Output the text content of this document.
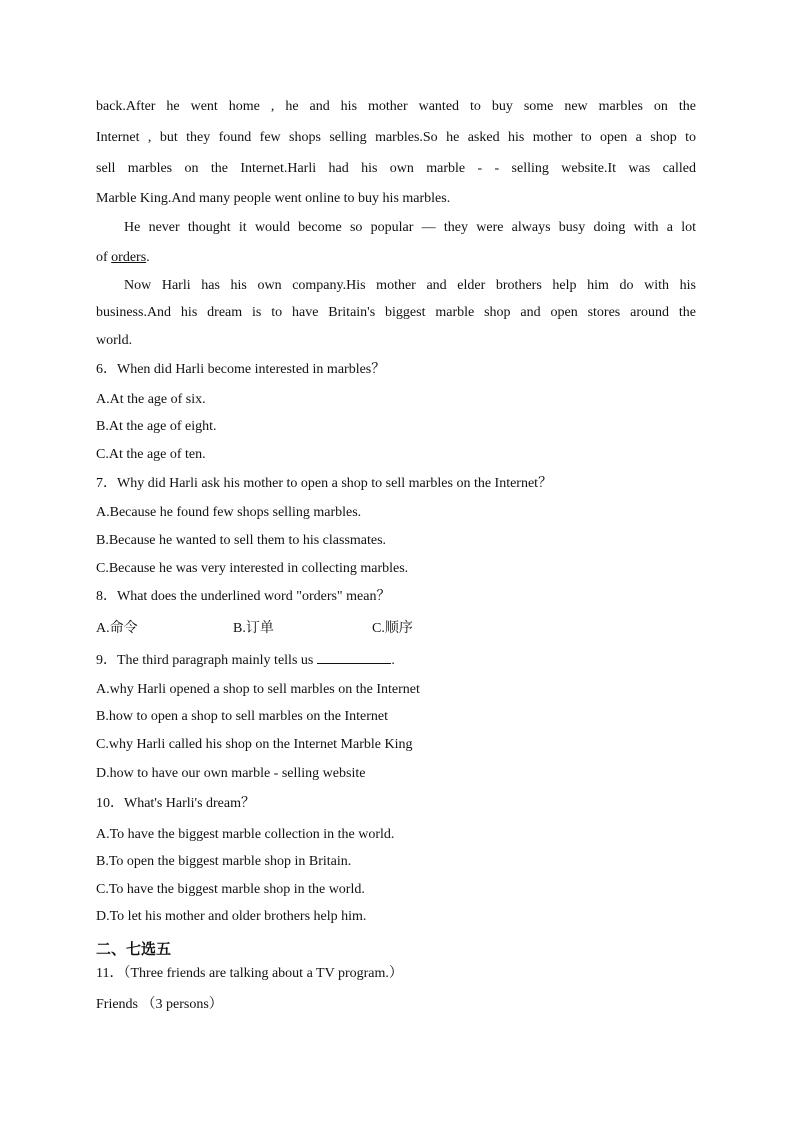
back.After he went home , he and his mother wanted to buy some new marbles on the
Internet , but they found few shops selling marbles.So he asked his mother to open a shop to
sell marbles on the Internet.Harli had his own marble - - selling website.It was called
Marble King.And many people went online to buy his marbles.
He never thought it would become so popular — they were always busy doing with a lot
of orders.
Now Harli has his own company.His mother and elder brothers help him do with his
business.And his dream is to have Britain's biggest marble shop and open stores around the
world.
6．When did Harli become interested in marbles？
A.At the age of six.
B.At the age of eight.
C.At the age of ten.
7．Why did Harli ask his mother to open a shop to sell marbles on the Internet？
A.Because he found few shops selling marbles.
B.Because he wanted to sell them to his classmates.
C.Because he was very interested in collecting marbles.
8．What does the underlined word "orders" mean？
A.命令	B.订单	C.顺序
9．The third paragraph mainly tells us	.
A.why Harli opened a shop to sell marbles on the Internet
B.how to open a shop to sell marbles on the Internet
C.why Harli called his shop on the Internet Marble King
D.how to have our own marble - selling website
10．What's Harli's dream？
A.To have the biggest marble collection in the world.
B.To open the biggest marble shop in Britain.
C.To have the biggest marble shop in the world.
D.To let his mother and older brothers help him.
二、七选五
11．（Three friends are talking about a TV program.）
Friends （3 persons）
